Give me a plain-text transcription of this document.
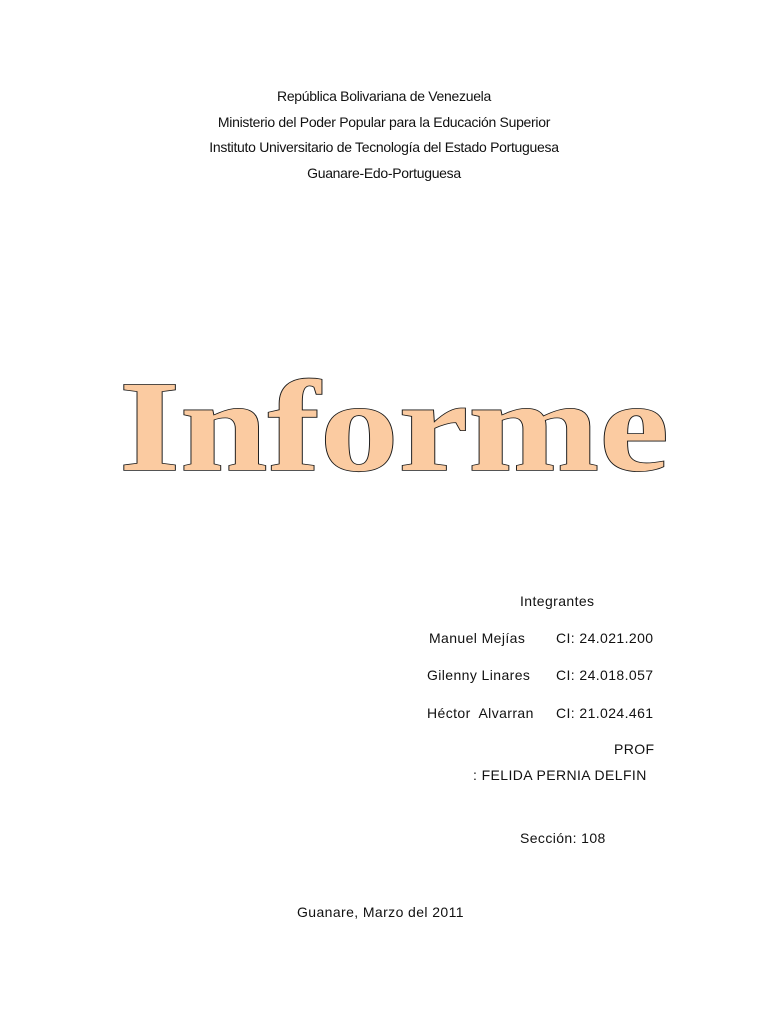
República Bolivariana de Venezuela
Ministerio del Poder Popular para la Educación Superior
Instituto Universitario de Tecnología del Estado Portuguesa
Guanare-Edo-Portuguesa
Informe
Integrantes
Manuel Mejías CI: 24.021.200
Gilenny Linares CI: 24.018.057
Héctor  Alvarran CI: 21.024.461
PROF
: FELIDA PERNIA DELFIN
Sección: 108
Guanare, Marzo del 2011
